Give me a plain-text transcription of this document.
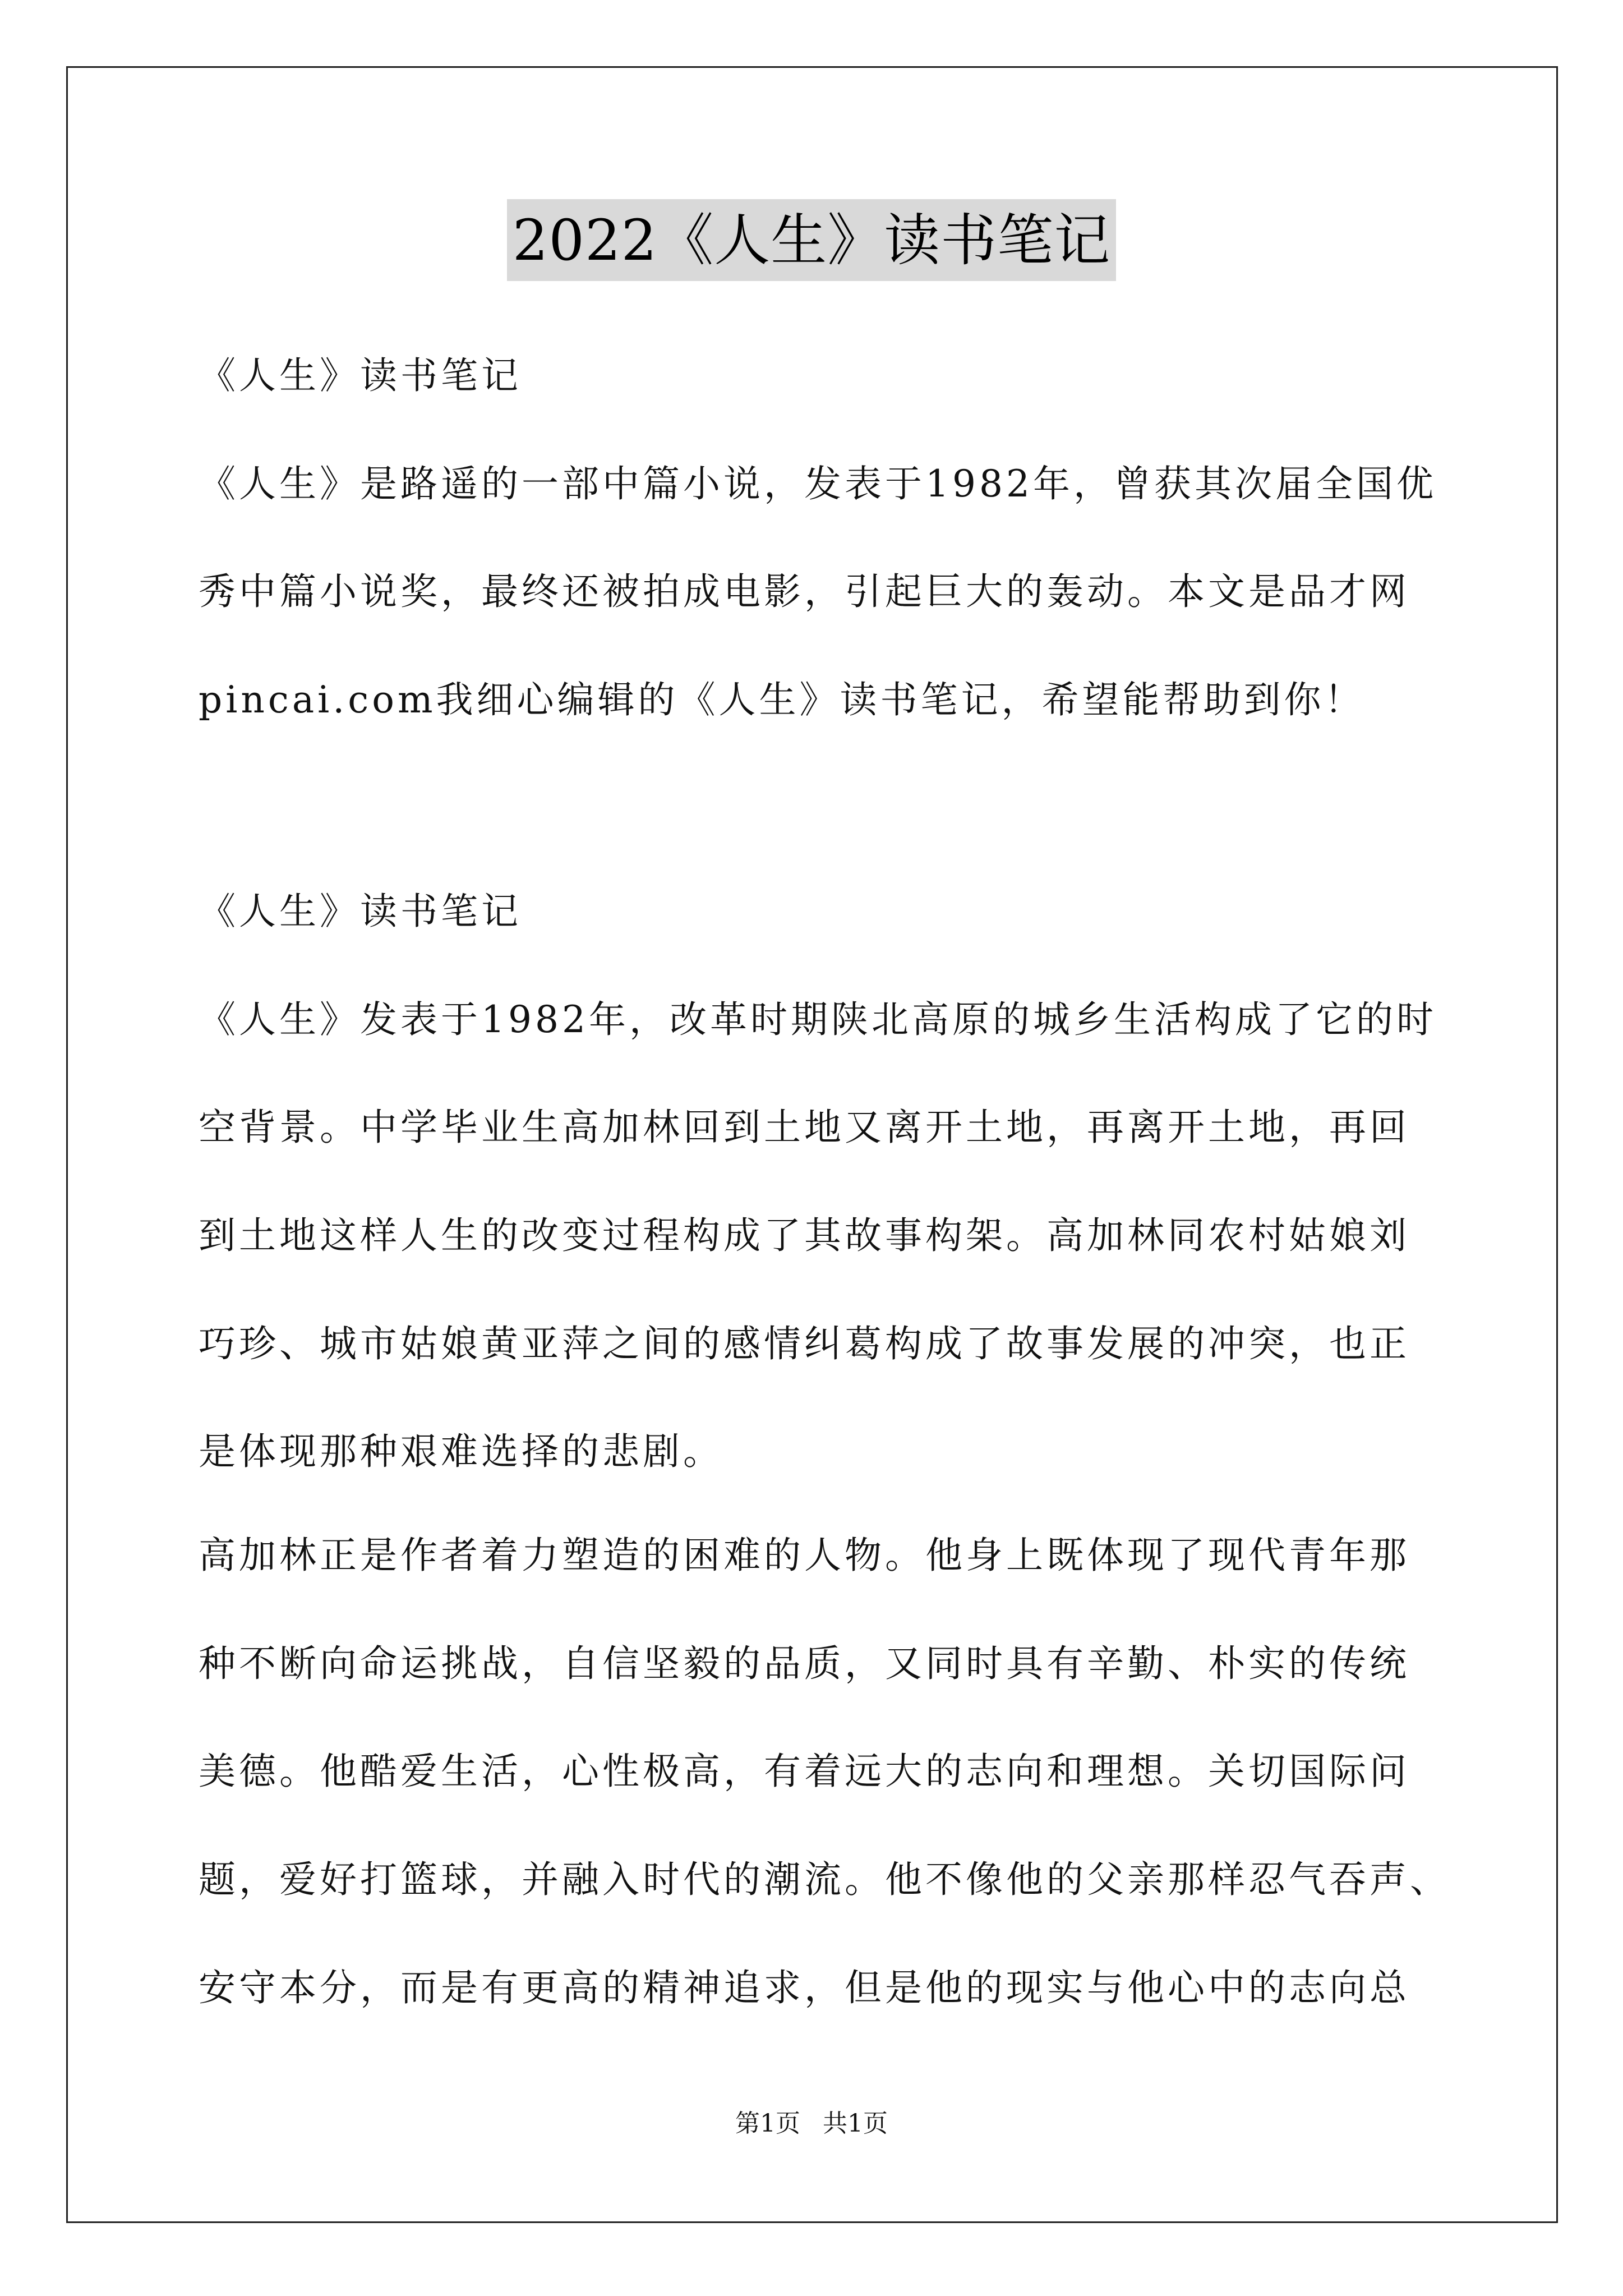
2022《人生》读书笔记
《人生》读书笔记
《人生》是路遥的一部中篇小说，发表于1982年，曾获其次届全国优
秀中篇小说奖，最终还被拍成电影，引起巨大的轰动。本文是品才网
pincai.com我细心编辑的《人生》读书笔记，希望能帮助到你！
《人生》读书笔记
《人生》发表于1982年，改革时期陕北高原的城乡生活构成了它的时
空背景。中学毕业生高加林回到土地又离开土地，再离开土地，再回
到土地这样人生的改变过程构成了其故事构架。高加林同农村姑娘刘
巧珍、城市姑娘黄亚萍之间的感情纠葛构成了故事发展的冲突，也正
是体现那种艰难选择的悲剧。
高加林正是作者着力塑造的困难的人物。他身上既体现了现代青年那
种不断向命运挑战，自信坚毅的品质，又同时具有辛勤、朴实的传统
美德。他酷爱生活，心性极高，有着远大的志向和理想。关切国际问
题，爱好打篮球，并融入时代的潮流。他不像他的父亲那样忍气吞声、
安守本分，而是有更高的精神追求，但是他的现实与他心中的志向总
第1页 共1页
